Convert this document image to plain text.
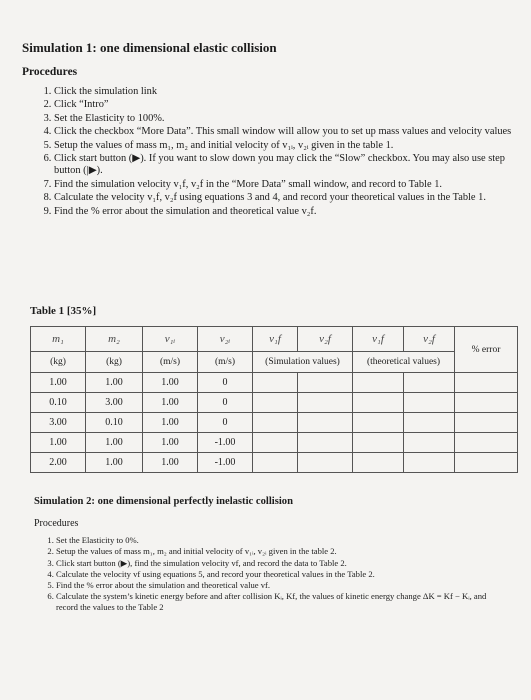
Simulation 1: one dimensional elastic collision
Procedures
1. Click the simulation link
2. Click “Intro”
3. Set the Elasticity to 100%.
4. Click the checkbox “More Data”. This small window will allow you to set up mass values and velocity values
5. Setup the values of mass m₁, m₂ and initial velocity of v₁ᵢ, v₂ᵢ given in the table 1.
6. Click start button (▶). If you want to slow down you may click the “Slow” checkbox. You may also use step button (|▶).
7. Find the simulation velocity v₁f, v₂f in the “More Data” small window, and record to Table 1.
8. Calculate the velocity v₁f, v₂f using equations 3 and 4, and record your theoretical values in the Table 1.
9. Find the % error about the simulation and theoretical value v₂f.
Table 1 [35%]
m₁	m₂	v₁ᵢ	v₂ᵢ	v₁f	v₂f	v₁f	v₂f	% error
(kg)	(kg)	(m/s)	(m/s)	(Simulation values)		(theoretical values)		
1.00	1.00	1.00	0					
0.10	3.00	1.00	0					
3.00	0.10	1.00	0					
1.00	1.00	1.00	-1.00					
2.00	1.00	1.00	-1.00					
Simulation 2: one dimensional perfectly inelastic collision
Procedures
1. Set the Elasticity to 0%.
2. Setup the values of mass m₁, m₂ and initial velocity of v₁ᵢ, v₂ᵢ given in the table 2.
3. Click start button (▶), find the simulation velocity vf, and record the data to Table 2.
4. Calculate the velocity vf using equations 5, and record your theoretical values in the Table 2.
5. Find the % error about the simulation and theoretical value vf.
6. Calculate the system’s kinetic energy before and after collision Kᵢ, Kf, the values of kinetic energy change ΔK = Kf − Kᵢ, and record the values to the Table 2
